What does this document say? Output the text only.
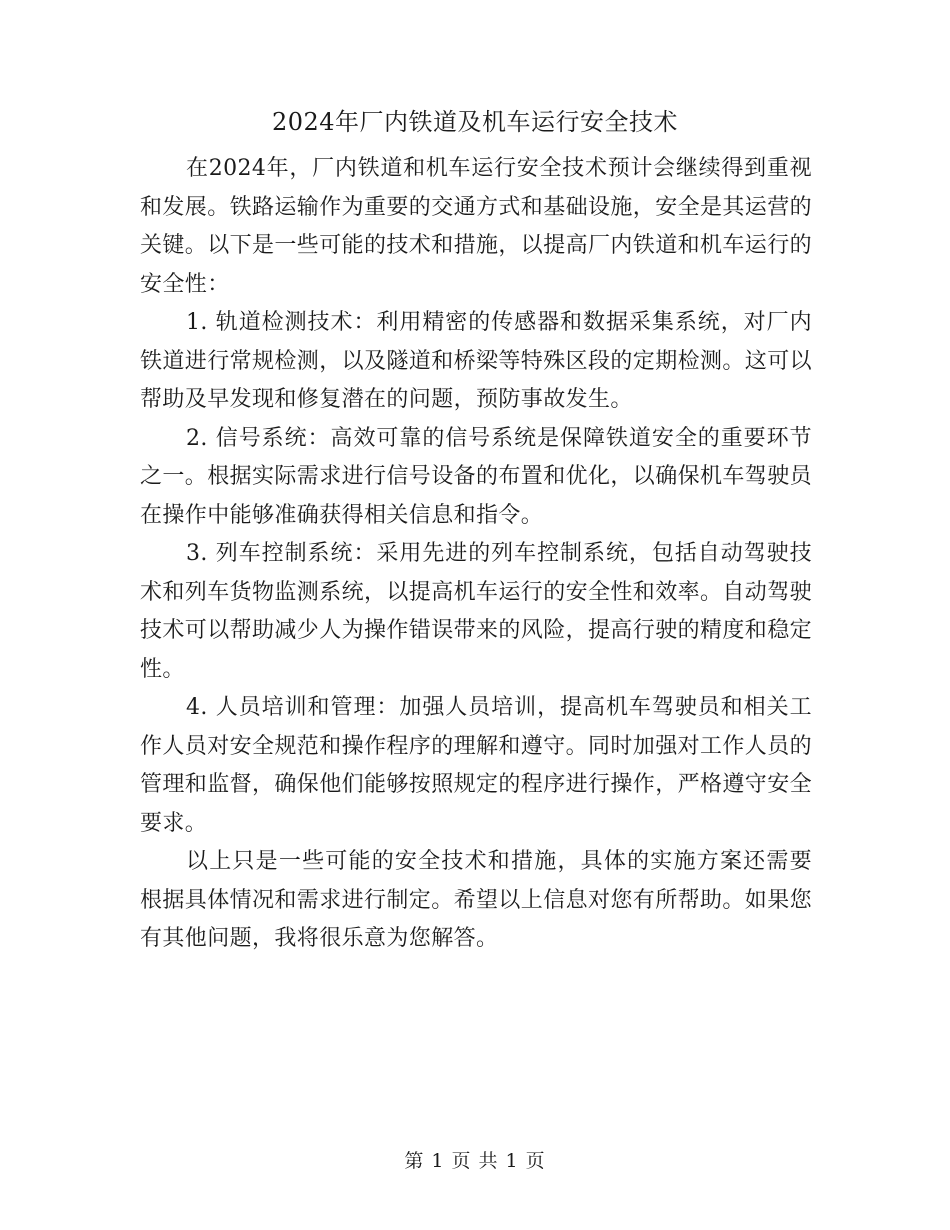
2024年厂内铁道及机车运行安全技术

在2024年，厂内铁道和机车运行安全技术预计会继续得到重视和发展。铁路运输作为重要的交通方式和基础设施，安全是其运营的关键。以下是一些可能的技术和措施，以提高厂内铁道和机车运行的安全性：

1. 轨道检测技术：利用精密的传感器和数据采集系统，对厂内铁道进行常规检测，以及隧道和桥梁等特殊区段的定期检测。这可以帮助及早发现和修复潜在的问题，预防事故发生。

2. 信号系统：高效可靠的信号系统是保障铁道安全的重要环节之一。根据实际需求进行信号设备的布置和优化，以确保机车驾驶员在操作中能够准确获得相关信息和指令。

3. 列车控制系统：采用先进的列车控制系统，包括自动驾驶技术和列车货物监测系统，以提高机车运行的安全性和效率。自动驾驶技术可以帮助减少人为操作错误带来的风险，提高行驶的精度和稳定性。

4. 人员培训和管理：加强人员培训，提高机车驾驶员和相关工作人员对安全规范和操作程序的理解和遵守。同时加强对工作人员的管理和监督，确保他们能够按照规定的程序进行操作，严格遵守安全要求。

以上只是一些可能的安全技术和措施，具体的实施方案还需要根据具体情况和需求进行制定。希望以上信息对您有所帮助。如果您有其他问题，我将很乐意为您解答。

第 1 页 共 1 页
